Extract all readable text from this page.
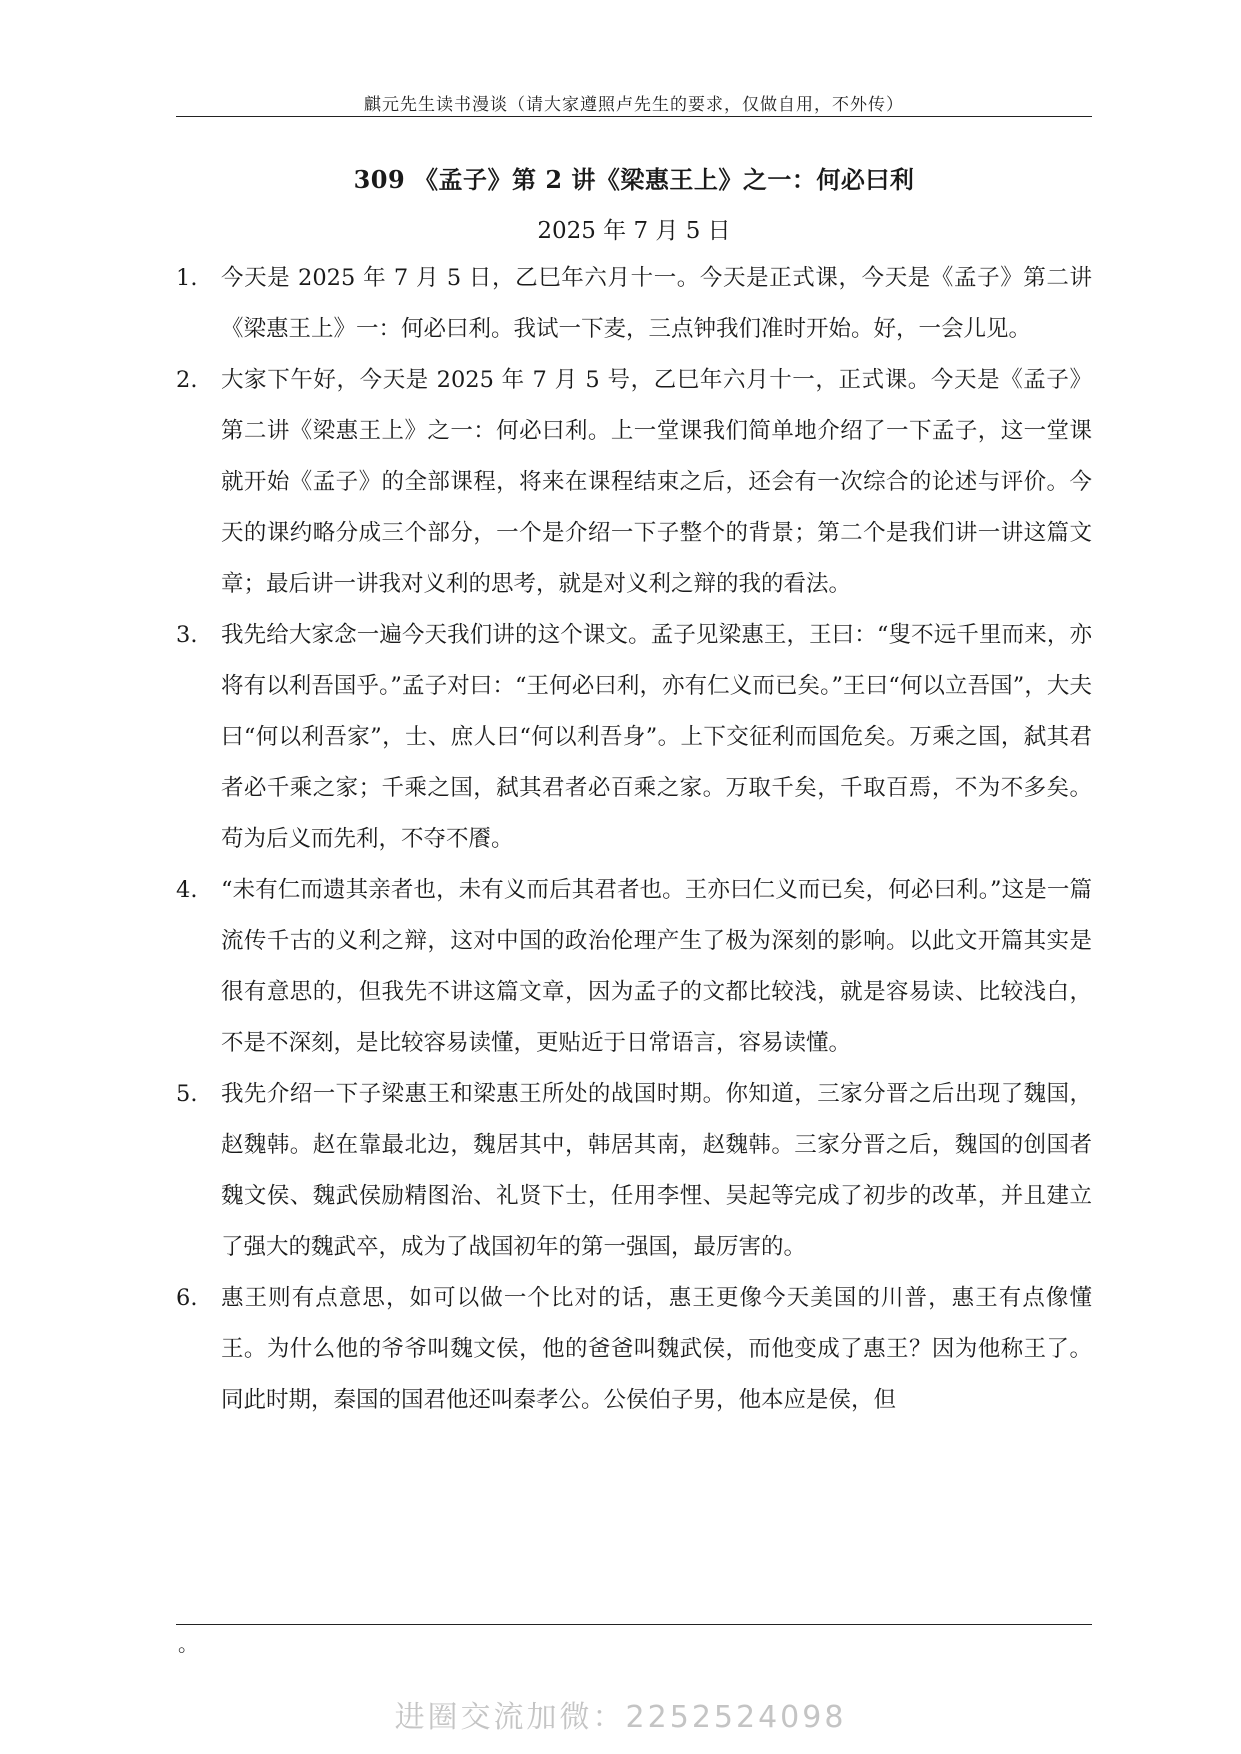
麒元先生读书漫谈（请大家遵照卢先生的要求，仅做自用，不外传）
309 《孟子》第 2 讲《梁惠王上》之一：何必曰利
2025 年 7 月 5 日
1.	今天是 2025 年 7 月 5 日，乙巳年六月十一。今天是正式课，今天是《孟子》第二讲《梁惠王上》一：何必曰利。我试一下麦，三点钟我们准时开始。好，一会儿见。
2.	大家下午好，今天是 2025 年 7 月 5 号，乙巳年六月十一，正式课。今天是《孟子》第二讲《梁惠王上》之一：何必曰利。上一堂课我们简单地介绍了一下孟子，这一堂课就开始《孟子》的全部课程，将来在课程结束之后，还会有一次综合的论述与评价。今天的课约略分成三个部分，一个是介绍一下子整个的背景；第二个是我们讲一讲这篇文章；最后讲一讲我对义利的思考，就是对义利之辩的我的看法。
3.	我先给大家念一遍今天我们讲的这个课文。孟子见梁惠王，王曰：“叟不远千里而来，亦将有以利吾国乎。”孟子对曰：“王何必曰利，亦有仁义而已矣。”王曰“何以立吾国”，大夫曰“何以利吾家”，士、庶人曰“何以利吾身”。上下交征利而国危矣。万乘之国，弑其君者必千乘之家；千乘之国，弑其君者必百乘之家。万取千矣，千取百焉，不为不多矣。苟为后义而先利，不夺不餍。
4.	“未有仁而遗其亲者也，未有义而后其君者也。王亦曰仁义而已矣，何必曰利。”这是一篇流传千古的义利之辩，这对中国的政治伦理产生了极为深刻的影响。以此文开篇其实是很有意思的，但我先不讲这篇文章，因为孟子的文都比较浅，就是容易读、比较浅白，不是不深刻，是比较容易读懂，更贴近于日常语言，容易读懂。
5.	我先介绍一下子梁惠王和梁惠王所处的战国时期。你知道，三家分晋之后出现了魏国，赵魏韩。赵在靠最北边，魏居其中，韩居其南，赵魏韩。三家分晋之后，魏国的创国者魏文侯、魏武侯励精图治、礼贤下士，任用李悝、吴起等完成了初步的改革，并且建立了强大的魏武卒，成为了战国初年的第一强国，最厉害的。
6.	惠王则有点意思，如可以做一个比对的话，惠王更像今天美国的川普，惠王有点像懂王。为什么他的爷爷叫魏文侯，他的爸爸叫魏武侯，而他变成了惠王？因为他称王了。同此时期，秦国的国君他还叫秦孝公。公侯伯子男，他本应是侯，但
。
进圈交流加微：2252524098
